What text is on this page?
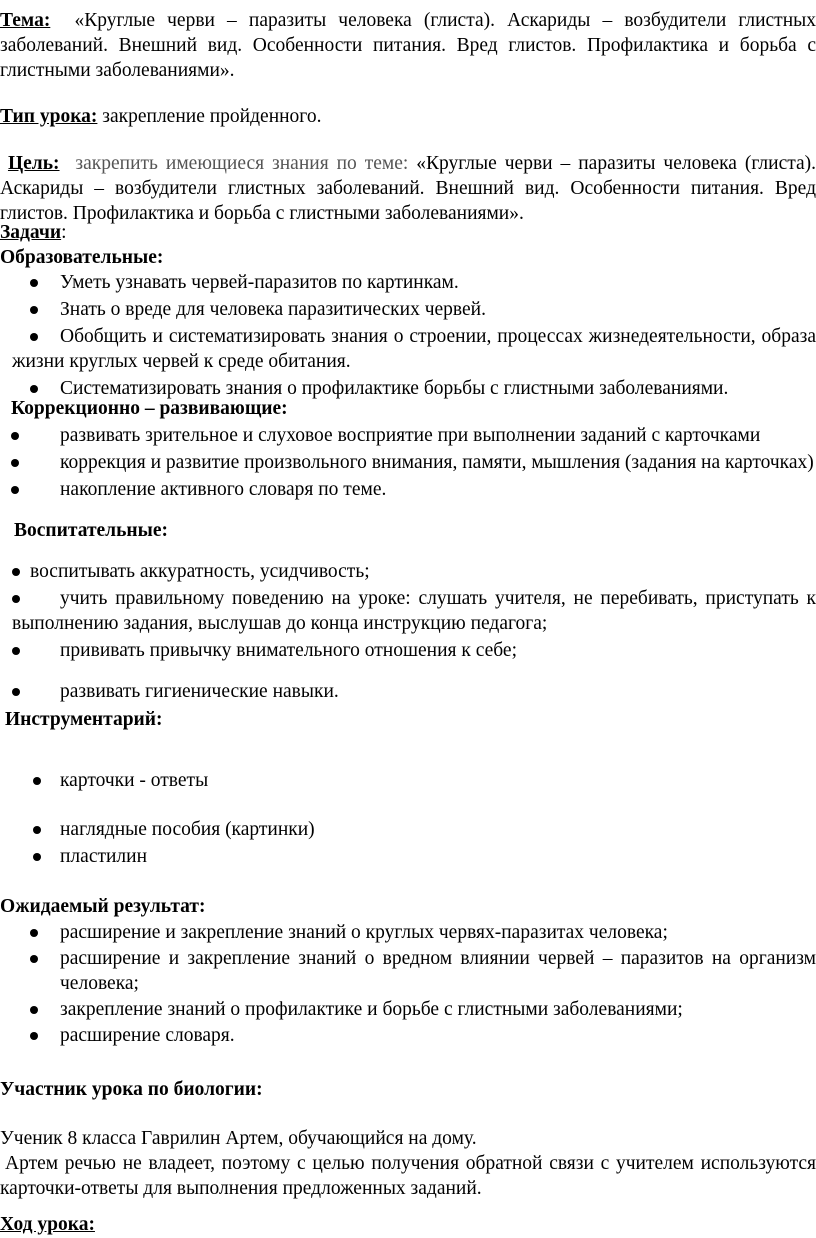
Тема: «Круглые черви – паразиты человека (глиста). Аскариды – возбудители глистных заболеваний. Внешний вид. Особенности питания. Вред глистов. Профилактика и борьба с глистными заболеваниями».

Тип урока: закрепление пройденного.

Цель: закрепить имеющиеся знания по теме: «Круглые черви – паразиты человека (глиста). Аскариды – возбудители глистных заболеваний. Внешний вид. Особенности питания. Вред глистов. Профилактика и борьба с глистными заболеваниями».

Задачи:

Образовательные:

Уметь узнавать червей-паразитов по картинкам.
Знать о вреде для человека паразитических червей.
Обобщить и систематизировать знания о строении, процессах жизнедеятельности, образа жизни круглых червей к среде обитания.
Систематизировать знания о профилактике борьбы с глистными заболеваниями.

Коррекционно – развивающие:

развивать зрительное и слуховое восприятие при выполнении заданий с карточками
коррекция и развитие произвольного внимания, памяти, мышления (задания на карточках)
накопление активного словаря по теме.

Воспитательные:

воспитывать аккуратность, усидчивость;
учить правильному поведению на уроке: слушать учителя, не перебивать, приступать к выполнению задания, выслушав до конца инструкцию педагога;
прививать привычку внимательного отношения к себе;
развивать гигиенические навыки.

Инструментарий:

карточки - ответы
наглядные пособия (картинки)
пластилин

Ожидаемый результат:

расширение и закрепление знаний о круглых червях-паразитах человека;
расширение и закрепление знаний о вредном влиянии червей – паразитов на организм человека;
закрепление знаний о профилактике и борьбе с глистными заболеваниями;
расширение словаря.

Участник урока по биологии:

Ученик 8 класса Гаврилин Артем, обучающийся на дому.

Артем речью не владеет, поэтому с целью получения обратной связи с учителем используются карточки-ответы для выполнения предложенных заданий.

Ход урока:
